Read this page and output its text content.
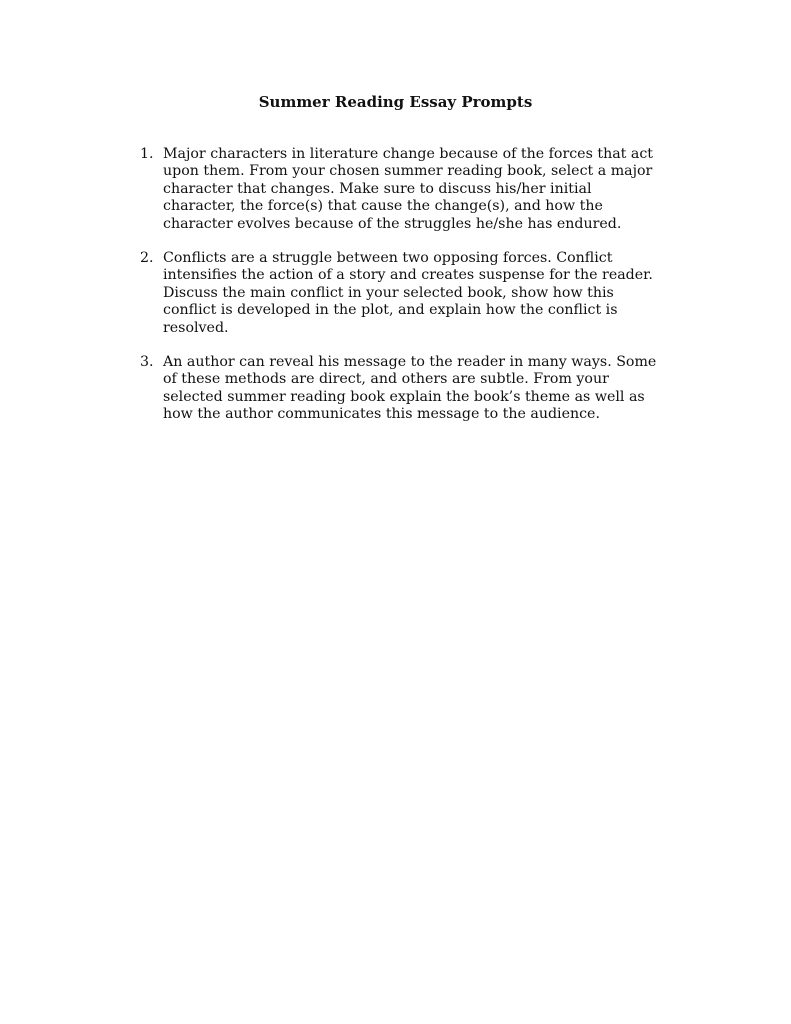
Summer Reading Essay Prompts
1. Major characters in literature change because of the forces that act upon them. From your chosen summer reading book, select a major character that changes. Make sure to discuss his/her initial character, the force(s) that cause the change(s), and how the character evolves because of the struggles he/she has endured.
2. Conflicts are a struggle between two opposing forces. Conflict intensifies the action of a story and creates suspense for the reader. Discuss the main conflict in your selected book, show how this conflict is developed in the plot, and explain how the conflict is resolved.
3. An author can reveal his message to the reader in many ways. Some of these methods are direct, and others are subtle. From your selected summer reading book explain the book’s theme as well as how the author communicates this message to the audience.
